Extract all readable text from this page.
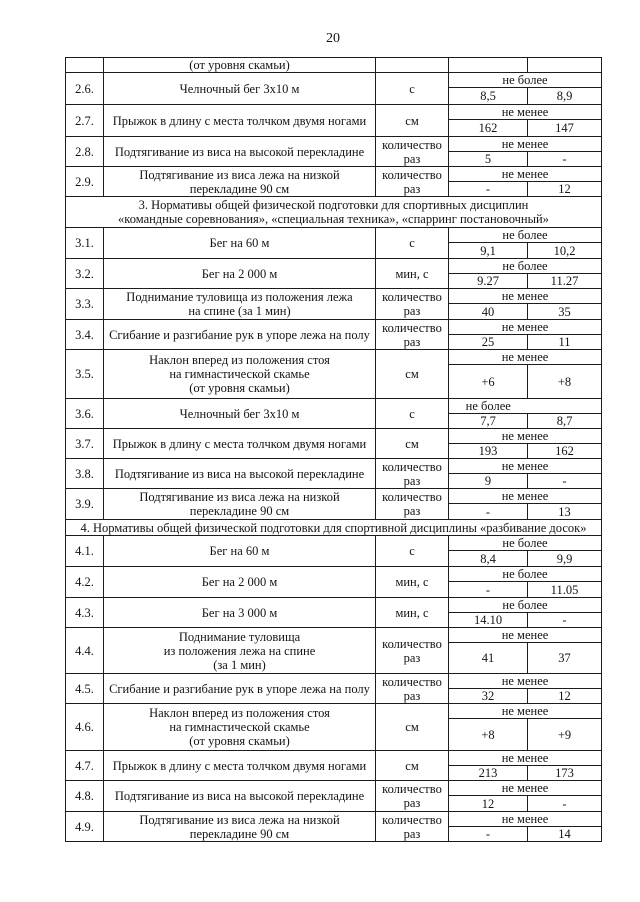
20
	(от уровня скамьи)			
2.6.	Челночный бег 3х10 м	с	не более	
			8,5	8,9
2.7.	Прыжок в длину с места толчком двумя ногами	см	не менее	
			162	147
2.8.	Подтягивание из виса на высокой перекладине	количество
раз	не менее	
			5	-
2.9.	Подтягивание из виса лежа на низкой
перекладине 90 см	количество
раз	не менее	
			-	12

3. Нормативы общей физической подготовки для спортивных дисциплин
«командные соревнования», «специальная техника», «спарринг постановочный»				

3.1.	Бег на 60 м	с	не более	
			9,1	10,2
3.2.	Бег на 2 000 м	мин, с	не более	
			9.27	11.27
3.3.	Поднимание туловища из положения лежа
на спине (за 1 мин)	количество
раз	не менее	
			40	35
3.4.	Сгибание и разгибание рук в упоре лежа на полу	количество
раз	не менее	
			25	11
3.5.	Наклон вперед из положения стоя
на гимнастической скамье
(от уровня скамьи)	см	не менее	
			+6	+8
3.6.	Челночный бег 3х10 м	с	не более	
			7,7	8,7
3.7.	Прыжок в длину с места толчком двумя ногами	см	не менее	
			193	162
3.8.	Подтягивание из виса на высокой перекладине	количество
раз	не менее	
			9	-
3.9.	Подтягивание из виса лежа на низкой
перекладине 90 см	количество
раз	не менее	
			-	13
4. Нормативы общей физической подготовки для спортивной дисциплины «разбивание досок»				
4.1.	Бег на 60 м	с	не более	
			8,4	9,9
4.2.	Бег на 2 000 м	мин, с	не более	
			-	11.05
4.3.	Бег на 3 000 м	мин, с	не более	
			14.10	-
4.4.	Поднимание туловища
из положения лежа на спине
(за 1 мин)	количество
раз	не менее	
			41	37
4.5.	Сгибание и разгибание рук в упоре лежа на полу	количество
раз	не менее	
			32	12
4.6.	Наклон вперед из положения стоя
на гимнастической скамье
(от уровня скамьи)	см	не менее	
			+8	+9
4.7.	Прыжок в длину с места толчком двумя ногами	см	не менее	
			213	173
4.8.	Подтягивание из виса на высокой перекладине	количество
раз	не менее	
			12	-
4.9.	Подтягивание из виса лежа на низкой
перекладине 90 см	количество
раз	не менее	
			-	14
